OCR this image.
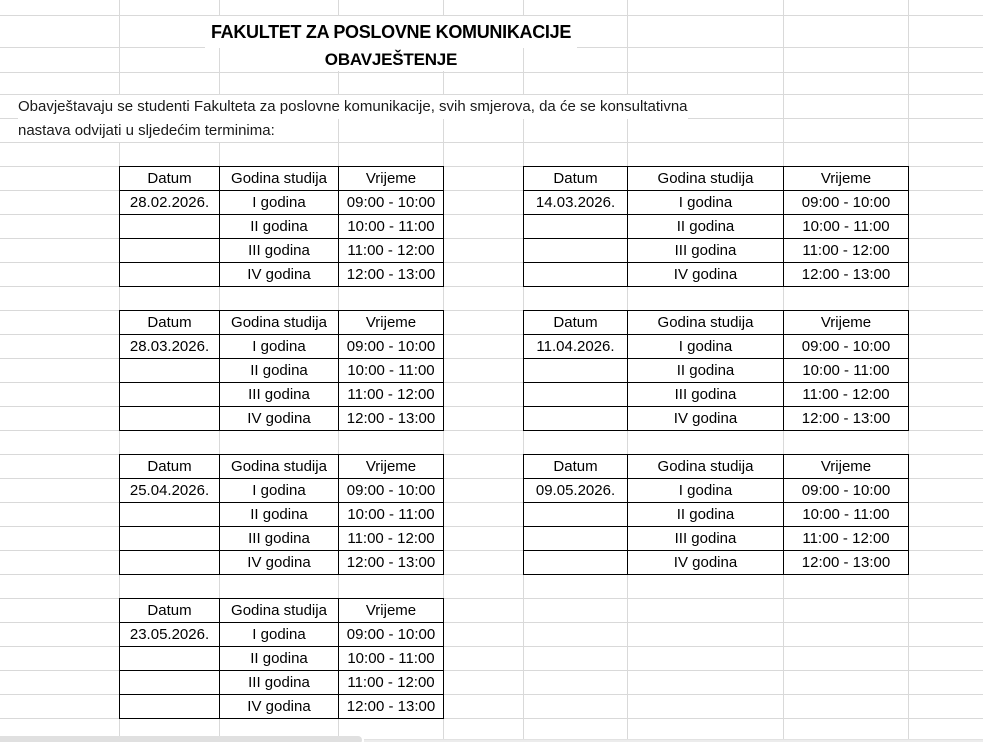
FAKULTET ZA POSLOVNE KOMUNIKACIJE
OBAVJEŠTENJE
Obavještavaju se studenti Fakulteta za poslovne komunikacije, svih smjerova, da će se konsultativna
nastava odvijati u sljedećim terminima:
Datum	Godina studija	Vrijeme
28.02.2026.	I godina	09:00 - 10:00
	II godina	10:00 - 11:00
	III godina	11:00 - 12:00
	IV godina	12:00 - 13:00
Datum	Godina studija	Vrijeme
14.03.2026.	I godina	09:00 - 10:00
	II godina	10:00 - 11:00
	III godina	11:00 - 12:00
	IV godina	12:00 - 13:00
Datum	Godina studija	Vrijeme
28.03.2026.	I godina	09:00 - 10:00
	II godina	10:00 - 11:00
	III godina	11:00 - 12:00
	IV godina	12:00 - 13:00
Datum	Godina studija	Vrijeme
11.04.2026.	I godina	09:00 - 10:00
	II godina	10:00 - 11:00
	III godina	11:00 - 12:00
	IV godina	12:00 - 13:00
Datum	Godina studija	Vrijeme
25.04.2026.	I godina	09:00 - 10:00
	II godina	10:00 - 11:00
	III godina	11:00 - 12:00
	IV godina	12:00 - 13:00
Datum	Godina studija	Vrijeme
09.05.2026.	I godina	09:00 - 10:00
	II godina	10:00 - 11:00
	III godina	11:00 - 12:00
	IV godina	12:00 - 13:00
Datum	Godina studija	Vrijeme
23.05.2026.	I godina	09:00 - 10:00
	II godina	10:00 - 11:00
	III godina	11:00 - 12:00
	IV godina	12:00 - 13:00
